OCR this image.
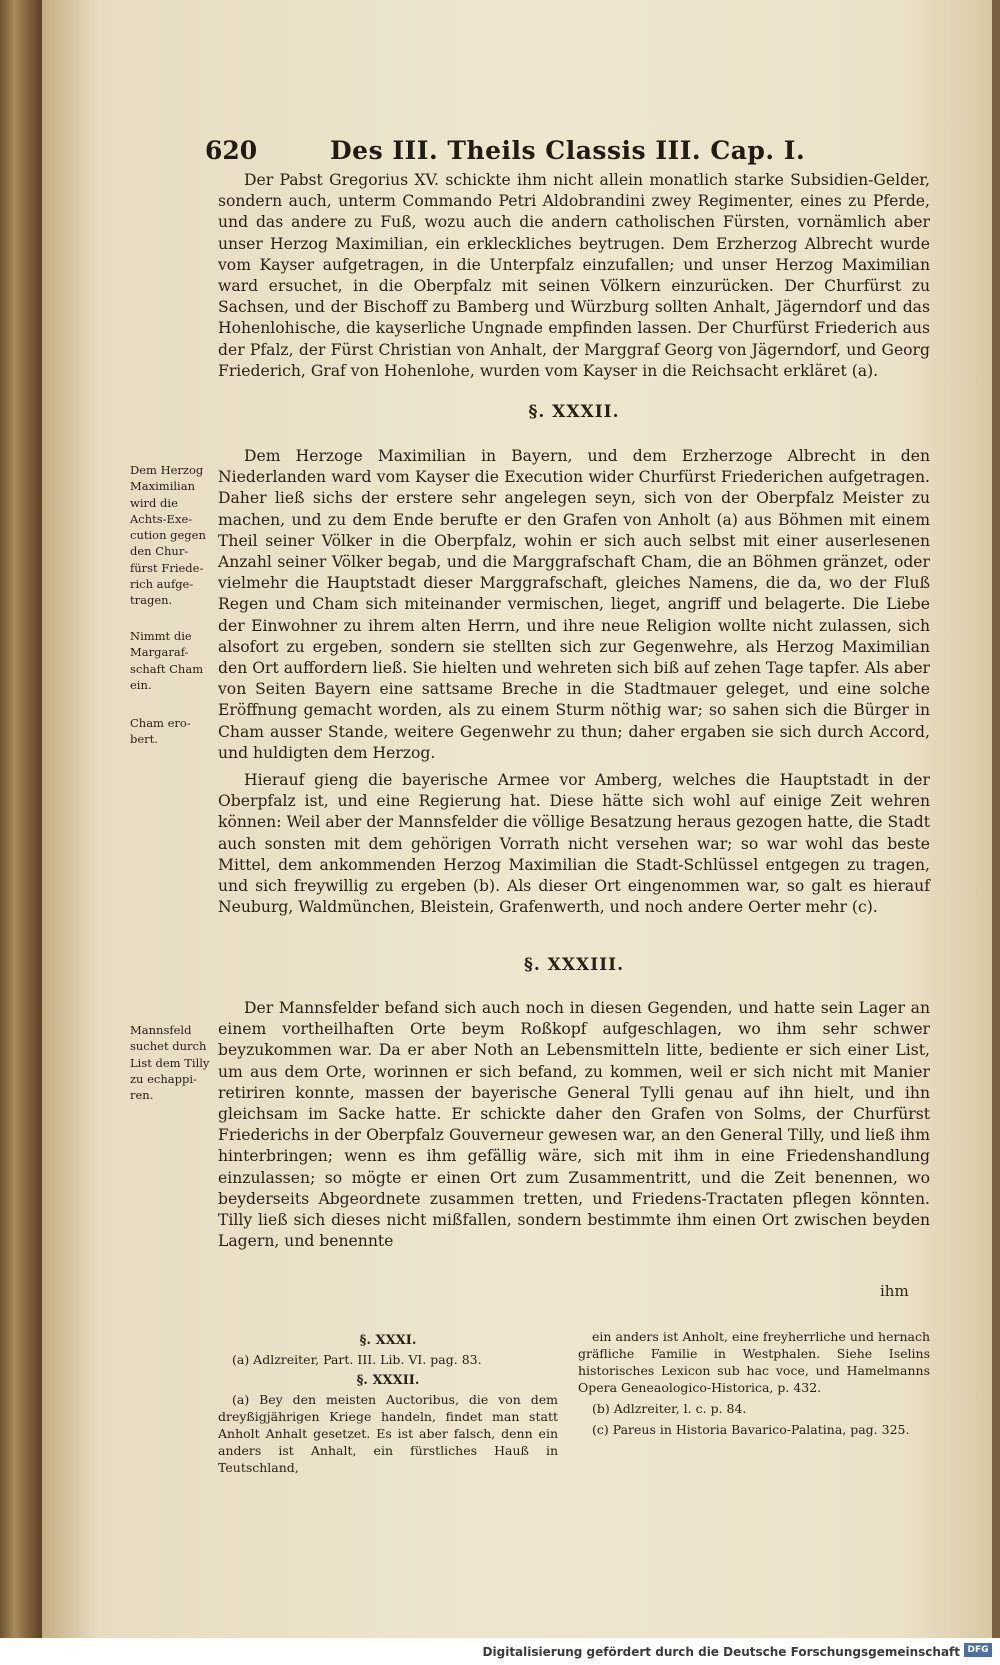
620	Des III. Theils Classis III. Cap. I.

Der Pabst Gregorius XV. schickte ihm nicht allein monatlich starke Subsidien-Gelder, sondern auch, unterm Commando Petri Aldobrandini zwey Regimenter, eines zu Pferde, und das andere zu Fuß, wozu auch die andern catholischen Fürsten, vornämlich aber unser Herzog Maximilian, ein erkleckliches beytrugen. Dem Erzherzog Albrecht wurde vom Kayser aufgetragen, in die Unterpfalz einzufallen; und unser Herzog Maximilian ward ersuchet, in die Oberpfalz mit seinen Völkern einzurücken. Der Churfürst zu Sachsen, und der Bischoff zu Bamberg und Würzburg sollten Anhalt, Jägerndorf und das Hohenlohische, die kayserliche Ungnade empfinden lassen. Der Churfürst Friederich aus der Pfalz, der Fürst Christian von Anhalt, der Marggraf Georg von Jägerndorf, und Georg Friederich, Graf von Hohenlohe, wurden vom Kayser in die Reichsacht erkläret (a).

§. XXXII.

Dem Herzoge Maximilian in Bayern, und dem Erzherzoge Albrecht in den Niederlanden ward vom Kayser die Execution wider Churfürst Friederichen aufgetragen. Daher ließ sichs der erstere sehr angelegen seyn, sich von der Oberpfalz Meister zu machen, und zu dem Ende berufte er den Grafen von Anholt (a) aus Böhmen mit einem Theil seiner Völker in die Oberpfalz, wohin er sich auch selbst mit einer auserlesenen Anzahl seiner Völker begab, und die Marggrafschaft Cham, die an Böhmen gränzet, oder vielmehr die Hauptstadt dieser Marggrafschaft, gleiches Namens, die da, wo der Fluß Regen und Cham sich miteinander vermischen, lieget, angriff und belagerte. Die Liebe der Einwohner zu ihrem alten Herrn, und ihre neue Religion wollte nicht zulassen, sich alsofort zu ergeben, sondern sie stellten sich zur Gegenwehre, als Herzog Maximilian den Ort auffordern ließ. Sie hielten und wehreten sich biß auf zehen Tage tapfer. Als aber von Seiten Bayern eine sattsame Breche in die Stadtmauer geleget, und eine solche Eröffnung gemacht worden, als zu einem Sturm nöthig war; so sahen sich die Bürger in Cham ausser Stande, weitere Gegenwehr zu thun; daher ergaben sie sich durch Accord, und huldigten dem Herzog.

Hierauf gieng die bayerische Armee vor Amberg, welches die Hauptstadt in der Oberpfalz ist, und eine Regierung hat. Diese hätte sich wohl auf einige Zeit wehren können: Weil aber der Mannsfelder die völlige Besatzung heraus gezogen hatte, die Stadt auch sonsten mit dem gehörigen Vorrath nicht versehen war; so war wohl das beste Mittel, dem ankommenden Herzog Maximilian die Stadt-Schlüssel entgegen zu tragen, und sich freywillig zu ergeben (b). Als dieser Ort eingenommen war, so galt es hierauf Neuburg, Waldmünchen, Bleistein, Grafenwerth, und noch andere Oerter mehr (c).

Dem Herzog
Maximilian
wird die
Achts-Exe-
cution gegen
den Chur-
fürst Friede-
rich aufge-
tragen.
Nimmt die
Margaraf-
schaft Cham
ein.
Cham ero-
bert.
§. XXXIII.

Der Mannsfelder befand sich auch noch in diesen Gegenden, und hatte sein Lager an einem vortheilhaften Orte beym Roßkopf aufgeschlagen, wo ihm sehr schwer beyzukommen war. Da er aber Noth an Lebensmitteln litte, bediente er sich einer List, um aus dem Orte, worinnen er sich befand, zu kommen, weil er sich nicht mit Manier retiriren konnte, massen der bayerische General Tylli genau auf ihn hielt, und ihn gleichsam im Sacke hatte. Er schickte daher den Grafen von Solms, der Churfürst Friederichs in der Oberpfalz Gouverneur gewesen war, an den General Tilly, und ließ ihm hinterbringen; wenn es ihm gefällig wäre, sich mit ihm in eine Friedenshandlung einzulassen; so mögte er einen Ort zum Zusammentritt, und die Zeit benennen, wo beyderseits Abgeordnete zusammen tretten, und Friedens-Tractaten pflegen könnten. Tilly ließ sich dieses nicht mißfallen, sondern bestimmte ihm einen Ort zwischen beyden Lagern, und benennte

Mannsfeld
suchet durch
List dem Tilly
zu echappi-
ren.
ihm
§. XXXI.

(a) Adlzreiter, Part. III. Lib. VI. pag. 83.

§. XXXII.

(a) Bey den meisten Auctoribus, die von dem dreyßigjährigen Kriege handeln, findet man statt Anholt Anhalt gesetzet. Es ist aber falsch, denn ein anders ist Anhalt, ein fürstliches Hauß in Teutschland,

ein anders ist Anholt, eine freyherrliche und hernach gräfliche Familie in Westphalen. Siehe Iselins historisches Lexicon sub hac voce, und Hamelmanns Opera Geneaologico-Historica, p. 432.

(b) Adlzreiter, l. c. p. 84.

(c) Pareus in Historia Bavarico-Palatina, pag. 325.

Digitalisierung gefördert durch die Deutsche Forschungsgemeinschaft DFG
